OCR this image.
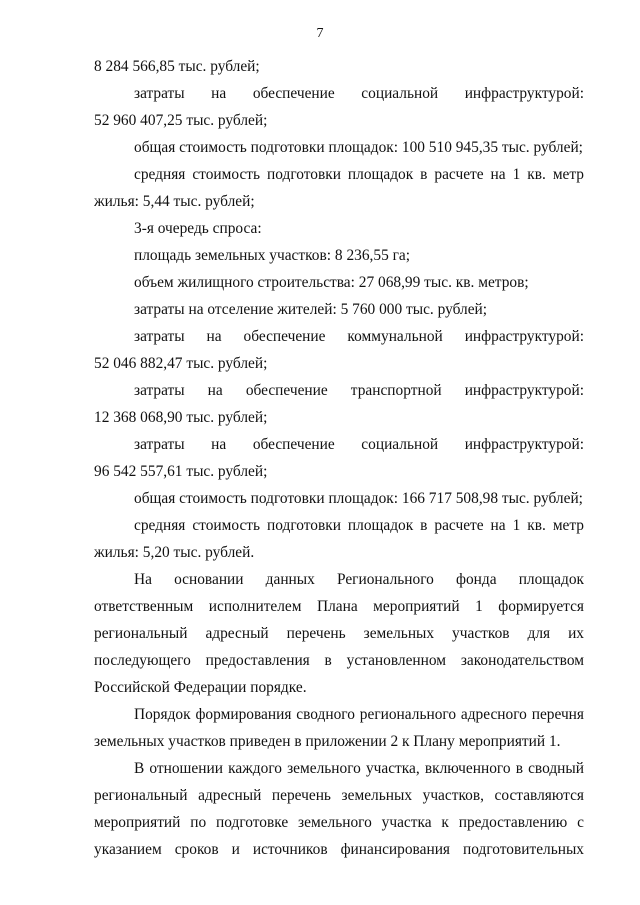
7
8 284 566,85 тыс. рублей;
затраты на обеспечение социальной инфраструктурой:
52 960 407,25 тыс. рублей;
общая стоимость подготовки площадок: 100 510 945,35 тыс. рублей;
средняя стоимость подготовки площадок в расчете на 1 кв. метр
жилья: 5,44 тыс. рублей;
3-я очередь спроса:
площадь земельных участков: 8 236,55 га;
объем жилищного строительства: 27 068,99 тыс. кв. метров;
затраты на отселение жителей: 5 760 000 тыс. рублей;
затраты на обеспечение коммунальной инфраструктурой:
52 046 882,47 тыс. рублей;
затраты на обеспечение транспортной инфраструктурой:
12 368 068,90 тыс. рублей;
затраты на обеспечение социальной инфраструктурой:
96 542 557,61 тыс. рублей;
общая стоимость подготовки площадок: 166 717 508,98 тыс. рублей;
средняя стоимость подготовки площадок в расчете на 1 кв. метр
жилья: 5,20 тыс. рублей.
На основании данных Регионального фонда площадок
ответственным исполнителем Плана мероприятий 1 формируется
региональный адресный перечень земельных участков для их
последующего предоставления в установленном законодательством
Российской Федерации порядке.
Порядок формирования сводного регионального адресного перечня
земельных участков приведен в приложении 2 к Плану мероприятий 1.
В отношении каждого земельного участка, включенного в сводный
региональный адресный перечень земельных участков, составляются
мероприятий по подготовке земельного участка к предоставлению с
указанием сроков и источников финансирования подготовительных
